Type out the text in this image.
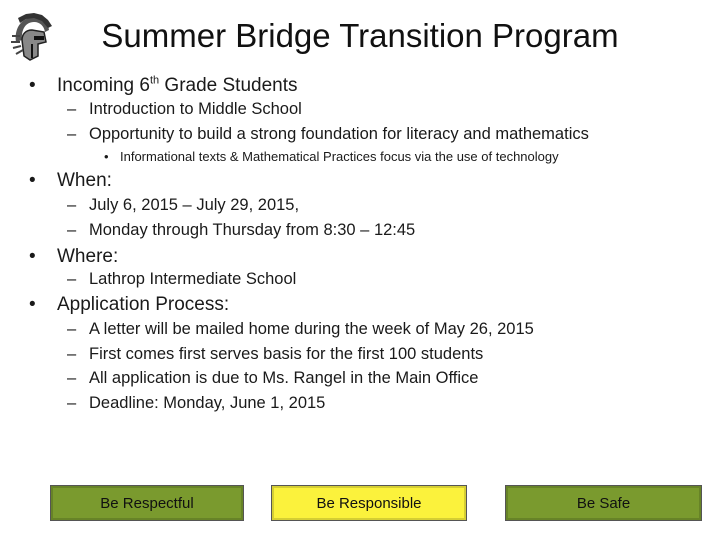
Summer Bridge Transition Program
• Incoming 6th Grade Students
– Introduction to Middle School
– Opportunity to build a strong foundation for literacy and mathematics
• Informational texts & Mathematical Practices focus via the use of technology
• When:
– July 6, 2015 – July 29, 2015,
– Monday through Thursday from 8:30 – 12:45
• Where:
– Lathrop Intermediate School
• Application Process:
– A letter will be mailed home during the week of May 26, 2015
– First comes first serves basis for the first 100 students
– All application is due to Ms. Rangel in the Main Office
– Deadline: Monday, June 1, 2015
Be Respectful	Be Responsible	Be Safe
